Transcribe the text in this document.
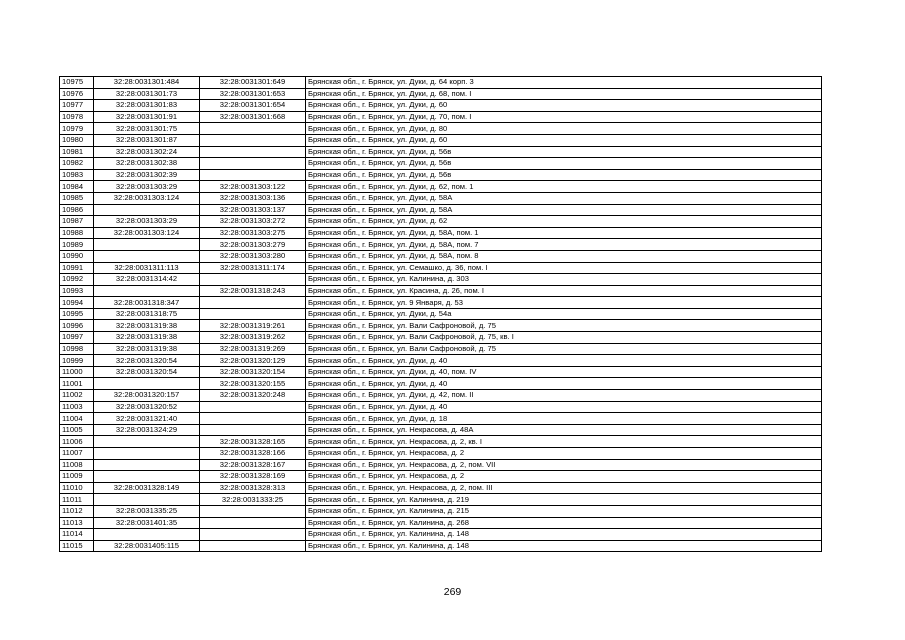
10975	32:28:0031301:484	32:28:0031301:649	Брянская обл., г. Брянск, ул. Дуки, д. 64 корп. 3
10976	32:28:0031301:73	32:28:0031301:653	Брянская обл., г. Брянск, ул. Дуки, д. 68, пом. I
10977	32:28:0031301:83	32:28:0031301:654	Брянская обл., г. Брянск, ул. Дуки, д. 60
10978	32:28:0031301:91	32:28:0031301:668	Брянская обл., г. Брянск, ул. Дуки, д. 70, пом. I
10979	32:28:0031301:75		Брянская обл., г. Брянск, ул. Дуки, д. 80
10980	32:28:0031301:87		Брянская обл., г. Брянск, ул. Дуки, д. 60
10981	32:28:0031302:24		Брянская обл., г. Брянск, ул. Дуки, д. 56в
10982	32:28:0031302:38		Брянская обл., г. Брянск, ул. Дуки, д. 56в
10983	32:28:0031302:39		Брянская обл., г. Брянск, ул. Дуки, д. 56в
10984	32:28:0031303:29	32:28:0031303:122	Брянская обл., г. Брянск, ул. Дуки, д. 62, пом. 1
10985	32:28:0031303:124	32:28:0031303:136	Брянская обл., г. Брянск, ул. Дуки, д. 58А
10986		32:28:0031303:137	Брянская обл., г. Брянск, ул. Дуки, д. 58А
10987	32:28:0031303:29	32:28:0031303:272	Брянская обл., г. Брянск, ул. Дуки, д. 62
10988	32:28:0031303:124	32:28:0031303:275	Брянская обл., г. Брянск, ул. Дуки, д. 58А, пом. 1
10989		32:28:0031303:279	Брянская обл., г. Брянск, ул. Дуки, д. 58А, пом. 7
10990		32:28:0031303:280	Брянская обл., г. Брянск, ул. Дуки, д. 58А, пом. 8
10991	32:28:0031311:113	32:28:0031311:174	Брянская обл., г. Брянск, ул. Семашко, д. 36, пом. I
10992	32:28:0031314:42		Брянская обл., г. Брянск, ул. Калинина, д. 303
10993		32:28:0031318:243	Брянская обл., г. Брянск, ул. Красина, д. 26, пом. I
10994	32:28:0031318:347		Брянская обл., г. Брянск, ул. 9 Января, д. 53
10995	32:28:0031318:75		Брянская обл., г. Брянск, ул. Дуки, д. 54а
10996	32:28:0031319:38	32:28:0031319:261	Брянская обл., г. Брянск, ул. Вали Сафроновой, д. 75
10997	32:28:0031319:38	32:28:0031319:262	Брянская обл., г. Брянск, ул. Вали Сафроновой, д. 75, кв. I
10998	32:28:0031319:38	32:28:0031319:269	Брянская обл., г. Брянск, ул. Вали Сафроновой, д. 75
10999	32:28:0031320:54	32:28:0031320:129	Брянская обл., г. Брянск, ул. Дуки, д. 40
11000	32:28:0031320:54	32:28:0031320:154	Брянская обл., г. Брянск, ул. Дуки, д. 40, пом. IV
11001		32:28:0031320:155	Брянская обл., г. Брянск, ул. Дуки, д. 40
11002	32:28:0031320:157	32:28:0031320:248	Брянская обл., г. Брянск, ул. Дуки, д. 42, пом. II
11003	32:28:0031320:52		Брянская обл., г. Брянск, ул. Дуки, д. 40
11004	32:28:0031321:40		Брянская обл., г. Брянск, ул. Дуки, д. 18
11005	32:28:0031324:29		Брянская обл., г. Брянск, ул. Некрасова, д. 48А
11006		32:28:0031328:165	Брянская обл., г. Брянск, ул. Некрасова, д. 2, кв. I
11007		32:28:0031328:166	Брянская обл., г. Брянск, ул. Некрасова, д. 2
11008		32:28:0031328:167	Брянская обл., г. Брянск, ул. Некрасова, д. 2, пом. VII
11009		32:28:0031328:169	Брянская обл., г. Брянск, ул. Некрасова, д. 2
11010	32:28:0031328:149	32:28:0031328:313	Брянская обл., г. Брянск, ул. Некрасова, д. 2, пом. III
11011		32:28:0031333:25	Брянская обл., г. Брянск, ул. Калинина, д. 219
11012	32:28:0031335:25		Брянская обл., г. Брянск, ул. Калинина, д. 215
11013	32:28:0031401:35		Брянская обл., г. Брянск, ул. Калинина, д. 268
11014			Брянская обл., г. Брянск, ул. Калинина, д. 148
11015	32:28:0031405:115		Брянская обл., г. Брянск, ул. Калинина, д. 148
269
